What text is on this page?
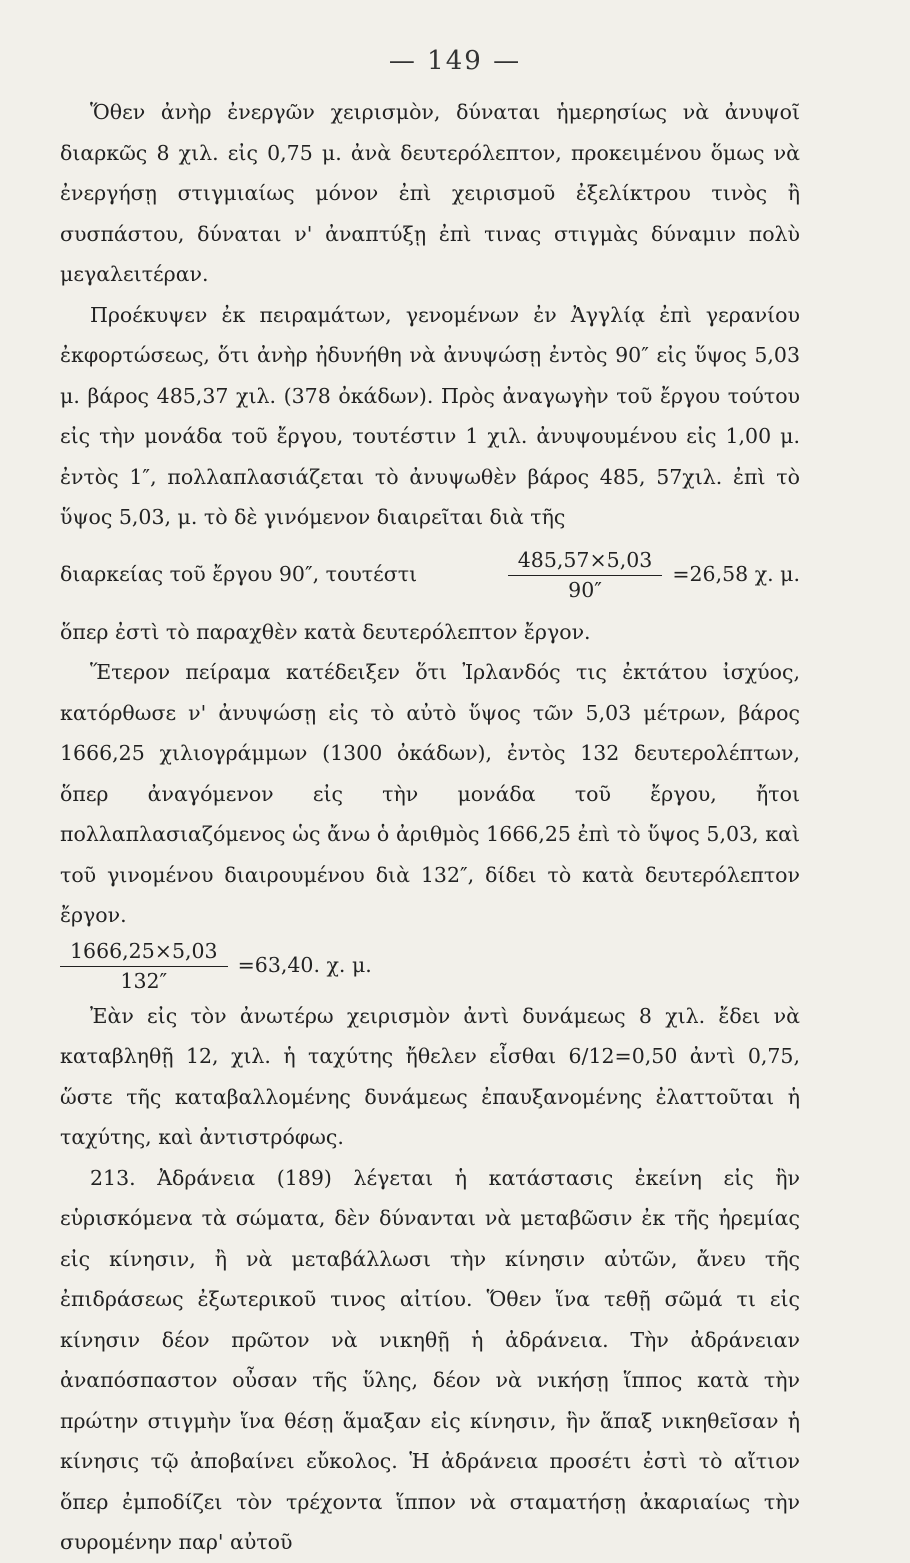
— 149 —

Ὅθεν ἀνὴρ ἐνεργῶν χειρισμὸν, δύναται ἡμερησίως νὰ ἀνυψοῖ διαρκῶς 8 χιλ. εἰς 0,75 μ. ἀνὰ δευτερόλεπτον, προκειμένου ὅμως νὰ ἐνεργήσῃ στιγμιαίως μόνον ἐπὶ χειρισμοῦ ἐξελίκτρου τινὸς ἢ συσπάστου, δύναται ν' ἀναπτύξῃ ἐπὶ τινας στιγμὰς δύναμιν πολὺ μεγαλειτέραν.

Προέκυψεν ἐκ πειραμάτων, γενομένων ἐν Ἀγγλίᾳ ἐπὶ γερανίου ἐκφορτώσεως, ὅτι ἀνὴρ ἠδυνήθη νὰ ἀνυψώσῃ ἐντὸς 90″ εἰς ὕψος 5,03 μ. βάρος 485,37 χιλ. (378 ὀκάδων). Πρὸς ἀναγωγὴν τοῦ ἔργου τούτου εἰς τὴν μονάδα τοῦ ἔργου, τουτέστιν 1 χιλ. ἀνυψουμένου εἰς 1,00 μ. ἐντὸς 1″, πολλαπλασιάζεται τὸ ἀνυψωθὲν βάρος 485, 57χιλ. ἐπὶ τὸ ὕψος 5,03, μ. τὸ δὲ γινόμενον διαιρεῖται διὰ τῆς

διαρκείας τοῦ ἔργου 90″, τουτέστι	$\frac{485,57\times 5,03}{90''} =26,58$ χ. μ.

ὅπερ ἐστὶ τὸ παραχθὲν κατὰ δευτερόλεπτον ἔργον.

Ἕτερον πείραμα κατέδειξεν ὅτι Ἰρλανδός τις ἐκτάτου ἰσχύος, κατόρθωσε ν' ἀνυψώσῃ εἰς τὸ αὐτὸ ὕψος τῶν 5,03 μέτρων, βάρος 1666,25 χιλιογράμμων (1300 ὀκάδων), ἐντὸς 132 δευτερολέπτων, ὅπερ ἀναγόμενον εἰς τὴν μονάδα τοῦ ἔργου, ἤτοι πολλαπλασιαζόμενος ὡς ἄνω ὁ ἀριθμὸς 1666,25 ἐπὶ τὸ ὕψος 5,03, καὶ τοῦ γινομένου διαιρουμένου διὰ 132″, δίδει τὸ κατὰ δευτερόλεπτον ἔργον.

$\frac{1666,25\times 5,03}{132''} =63,40$. χ. μ.

Ἐὰν εἰς τὸν ἀνωτέρω χειρισμὸν ἀντὶ δυνάμεως 8 χιλ. ἔδει νὰ καταβληθῇ 12, χιλ. ἡ ταχύτης ἤθελεν εἶσθαι 6/12=0,50 ἀντὶ 0,75, ὥστε τῆς καταβαλλομένης δυνάμεως ἐπαυξανομένης ἐλαττοῦται ἡ ταχύτης, καὶ ἀντιστρόφως.

213. Ἀδράνεια (189) λέγεται ἡ κατάστασις ἐκείνη εἰς ἣν εὑρισκόμενα τὰ σώματα, δὲν δύνανται νὰ μεταβῶσιν ἐκ τῆς ἠρεμίας εἰς κίνησιν, ἢ νὰ μεταβάλλωσι τὴν κίνησιν αὐτῶν, ἄνευ τῆς ἐπιδράσεως ἐξωτερικοῦ τινος αἰτίου. Ὅθεν ἵνα τεθῇ σῶμά τι εἰς κίνησιν δέον πρῶτον νὰ νικηθῇ ἡ ἀδράνεια. Τὴν ἀδράνειαν ἀναπόσπαστον οὖσαν τῆς ὕλης, δέον νὰ νικήσῃ ἵππος κατὰ τὴν πρώτην στιγμὴν ἵνα θέσῃ ἅμαξαν εἰς κίνησιν, ἣν ἅπαξ νικηθεῖσαν ἡ κίνησις τῷ ἀποβαίνει εὔκολος. Ἡ ἀδράνεια προσέτι ἐστὶ τὸ αἴτιον ὅπερ ἐμποδίζει τὸν τρέχοντα ἵππον νὰ σταματήσῃ ἀκαριαίως τὴν συρομένην παρ' αὐτοῦ
